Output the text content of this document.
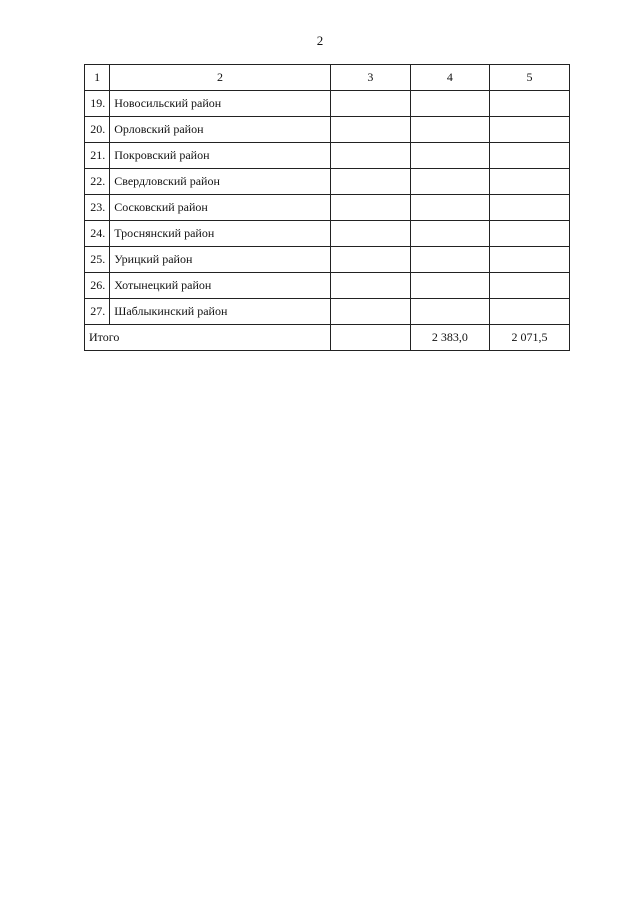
2
1	2	3	4	5
19.	Новосильский район			
20.	Орловский район			
21.	Покровский район			
22.	Свердловский район			
23.	Сосковский район			
24.	Троснянский район			
25.	Урицкий район			
26.	Хотынецкий район			
27.	Шаблыкинский район			
Итого			2 383,0	2 071,5
